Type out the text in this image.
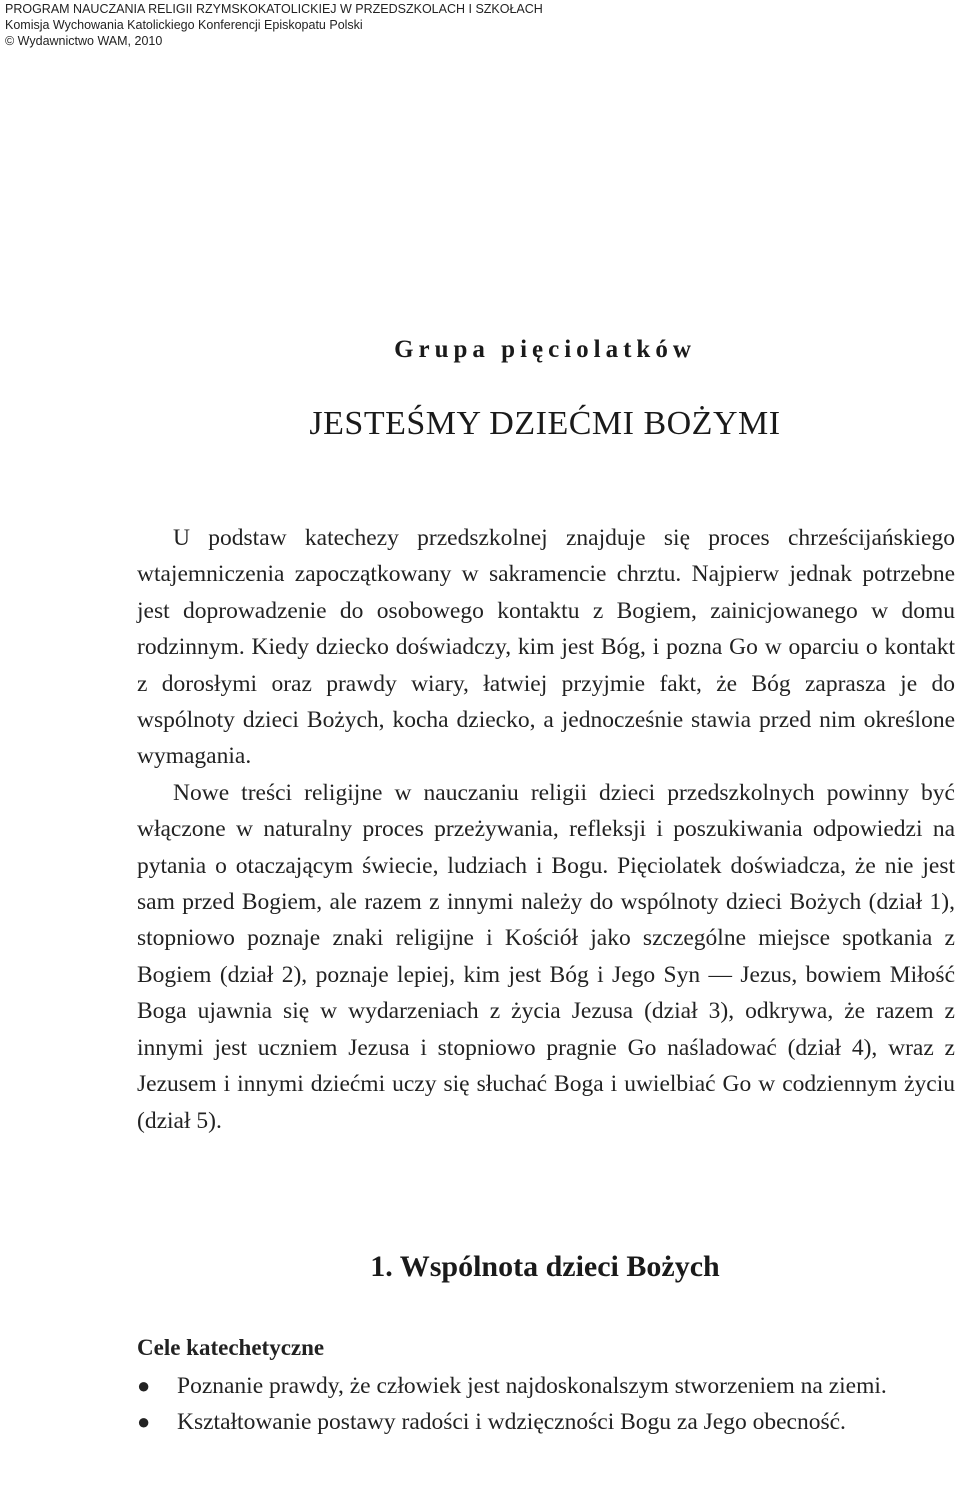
PROGRAM NAUCZANIA RELIGII RZYMSKOKATOLICKIEJ W PRZEDSZKOLACH I SZKOŁACH
Komisja Wychowania Katolickiego Konferencji Episkopatu Polski
© Wydawnictwo WAM, 2010
Grupa pięciolatków
JESTEŚMY DZIEĆMI BOŻYMI

U podstaw katechezy przedszkolnej znajduje się proces chrześcijańskiego wtajemniczenia zapoczątkowany w sakramencie chrztu. Najpierw jednak potrzebne jest doprowadzenie do osobowego kontaktu z Bogiem, zainicjowanego w domu rodzinnym. Kiedy dziecko doświadczy, kim jest Bóg, i pozna Go w oparciu o kontakt z dorosłymi oraz prawdy wiary, łatwiej przyjmie fakt, że Bóg zaprasza je do wspólnoty dzieci Bożych, kocha dziecko, a jednocześnie stawia przed nim określone wymagania.

Nowe treści religijne w nauczaniu religii dzieci przedszkolnych powinny być włączone w naturalny proces przeżywania, refleksji i poszukiwania odpowiedzi na pytania o otaczającym świecie, ludziach i Bogu. Pięciolatek doświadcza, że nie jest sam przed Bogiem, ale razem z innymi należy do wspólnoty dzieci Bożych (dział 1), stopniowo poznaje znaki religijne i Kościół jako szczególne miejsce spotkania z Bogiem (dział 2), poznaje lepiej, kim jest Bóg i Jego Syn — Jezus, bowiem Miłość Boga ujawnia się w wydarzeniach z życia Jezusa (dział 3), odkrywa, że razem z innymi jest uczniem Jezusa i stopniowo pragnie Go naśladować (dział 4), wraz z Jezusem i innymi dziećmi uczy się słuchać Boga i uwielbiać Go w codziennym życiu (dział 5).

1. Wspólnota dzieci Bożych
Cele katechetyczne
● Poznanie prawdy, że człowiek jest najdoskonalszym stworzeniem na ziemi.
● Kształtowanie postawy radości i wdzięczności Bogu za Jego obecność.
